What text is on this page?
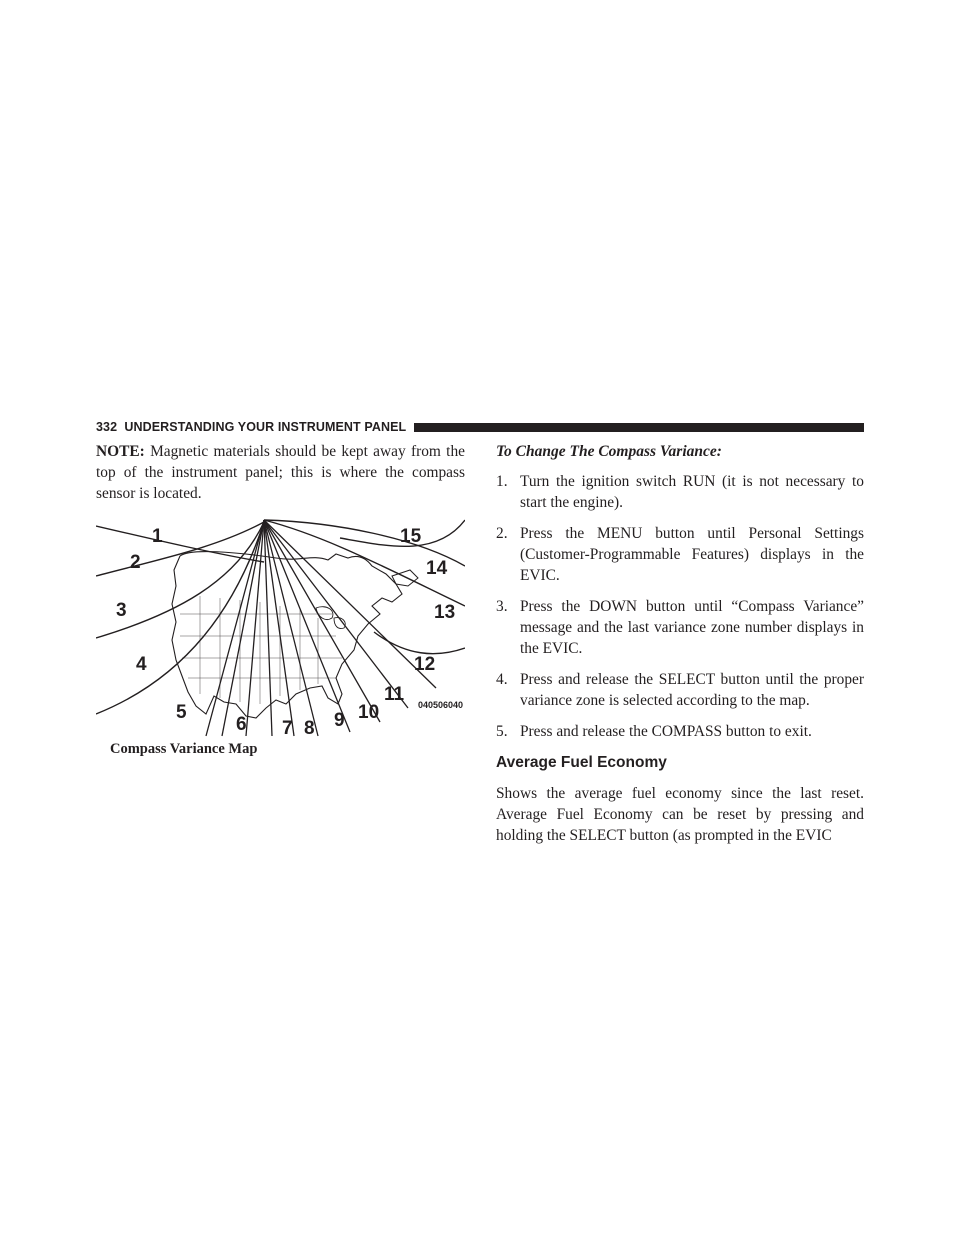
332 UNDERSTANDING YOUR INSTRUMENT PANEL

NOTE: Magnetic materials should be kept away from the top of the instrument panel; this is where the compass sensor is located.

1
2
3
4
5
6 7 8 9 10
11
12
13
14
15
040506040
Compass Variance Map

To Change The Compass Variance:

1. Turn the ignition switch RUN (it is not necessary to start the engine).
2. Press the MENU button until Personal Settings (Customer-Programmable Features) displays in the EVIC.
3. Press the DOWN button until “Compass Variance” message and the last variance zone number displays in the EVIC.
4. Press and release the SELECT button until the proper variance zone is selected according to the map.
5. Press and release the COMPASS button to exit.
Average Fuel Economy

Shows the average fuel economy since the last reset. Average Fuel Economy can be reset by pressing and holding the SELECT button (as prompted in the EVIC
